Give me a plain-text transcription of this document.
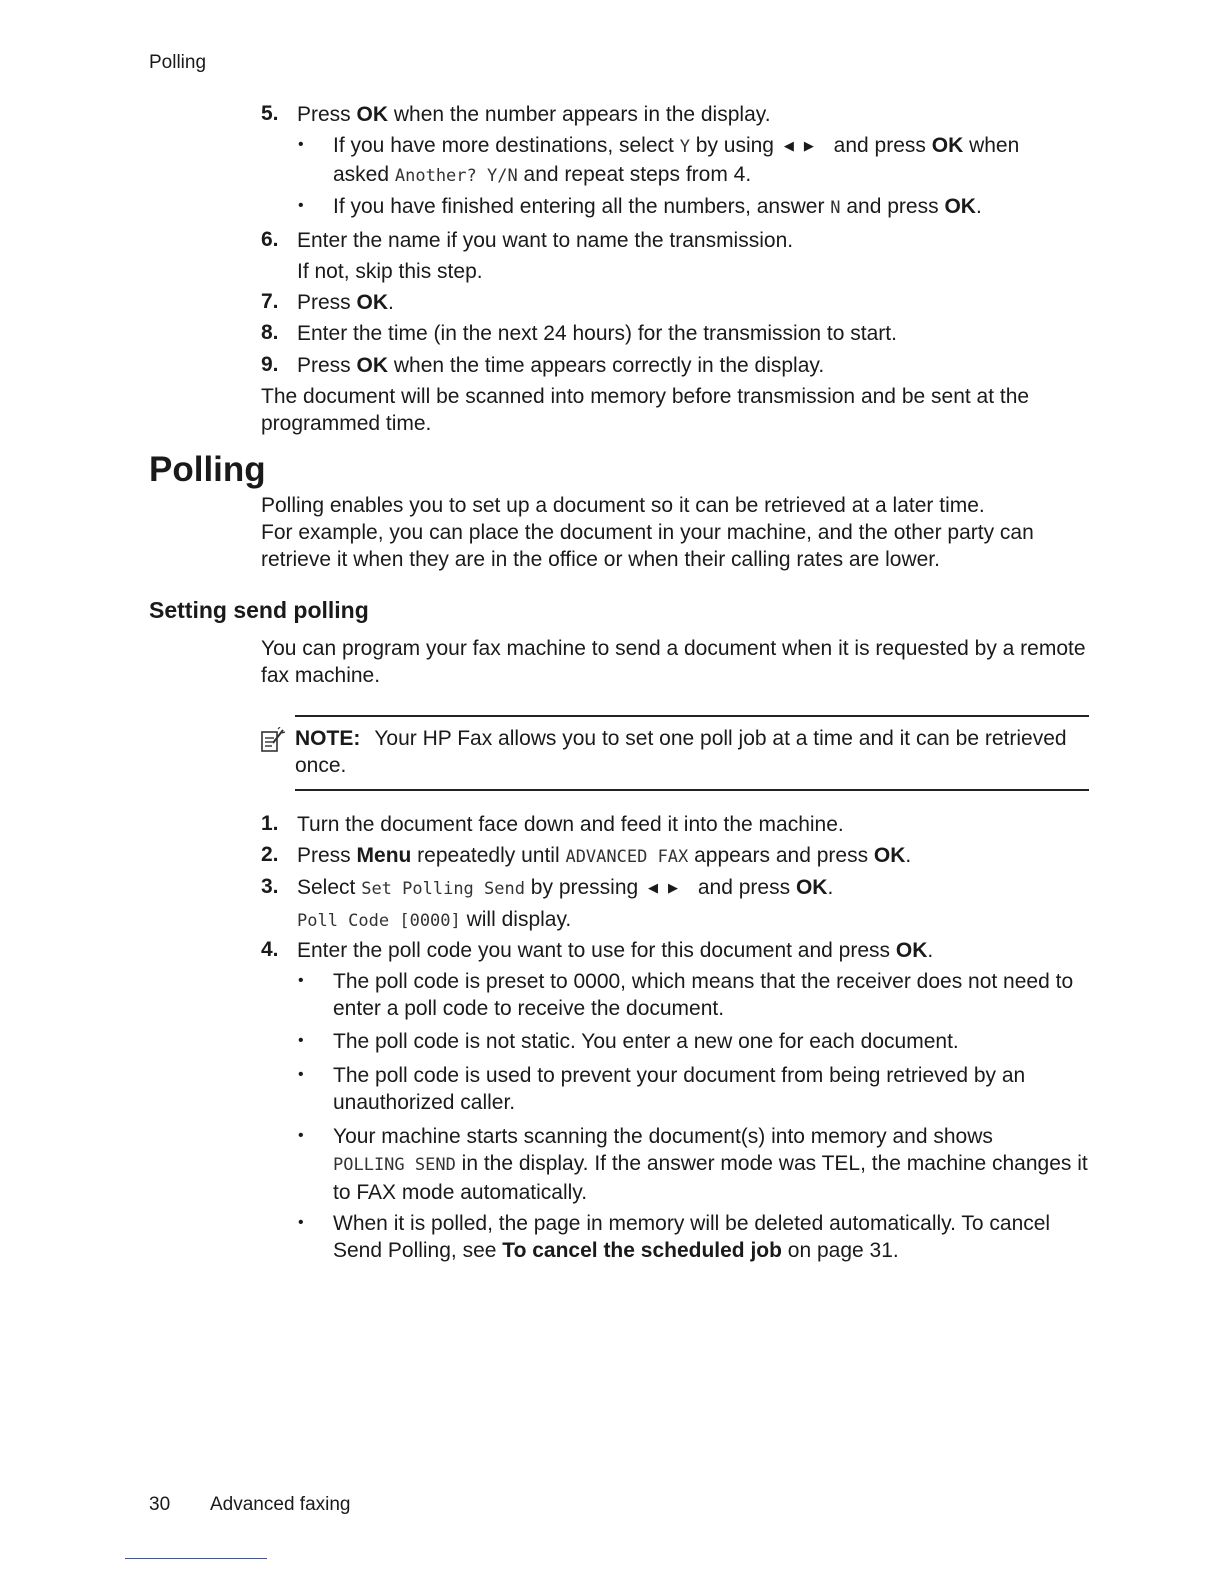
Polling
5. Press OK when the number appears in the display.
• If you have more destinations, select Y by using ◀▶ and press OK when
asked Another? Y/N and repeat steps from 4.
• If you have finished entering all the numbers, answer N and press OK.
6. Enter the name if you want to name the transmission.
If not, skip this step.
7. Press OK.
8. Enter the time (in the next 24 hours) for the transmission to start.
9. Press OK when the time appears correctly in the display.
The document will be scanned into memory before transmission and be sent at the programmed time.
Polling
Polling enables you to set up a document so it can be retrieved at a later time.
For example, you can place the document in your machine, and the other party can retrieve it when they are in the office or when their calling rates are lower.
Setting send polling
You can program your fax machine to send a document when it is requested by a remote fax machine.
NOTE: Your HP Fax allows you to set one poll job at a time and it can be retrieved once.
1. Turn the document face down and feed it into the machine.
2. Press Menu repeatedly until ADVANCED FAX appears and press OK.
3. Select Set Polling Send by pressing ◀▶ and press OK.
Poll Code [0000] will display.
4. Enter the poll code you want to use for this document and press OK.
• The poll code is preset to 0000, which means that the receiver does not need to enter a poll code to receive the document.
• The poll code is not static. You enter a new one for each document.
• The poll code is used to prevent your document from being retrieved by an unauthorized caller.
• Your machine starts scanning the document(s) into memory and shows
POLLING SEND in the display. If the answer mode was TEL, the machine changes it to FAX mode automatically.
• When it is polled, the page in memory will be deleted automatically. To cancel Send Polling, see To cancel the scheduled job on page 31.
30 Advanced faxing
